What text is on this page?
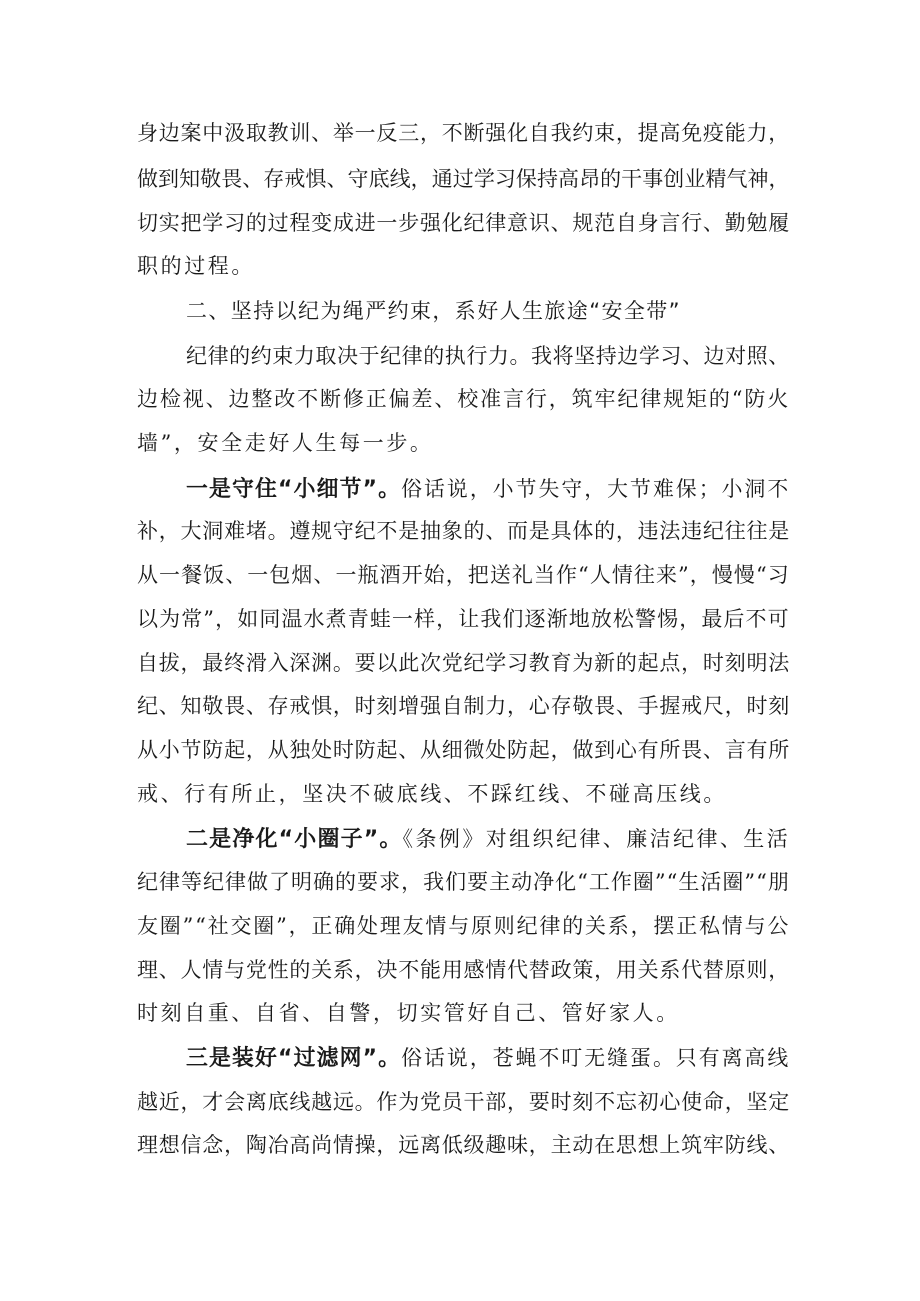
身边案中汲取教训、举一反三，不断强化自我约束，提高免疫能力，
做到知敬畏、存戒惧、守底线，通过学习保持高昂的干事创业精气神，
切实把学习的过程变成进一步强化纪律意识、规范自身言行、勤勉履
职的过程。
二、坚持以纪为绳严约束，系好人生旅途“安全带”
纪律的约束力取决于纪律的执行力。我将坚持边学习、边对照、
边检视、边整改不断修正偏差、校准言行，筑牢纪律规矩的“防火
墙”，安全走好人生每一步。
一是守住“小细节”。俗话说，小节失守，大节难保；小洞不
补，大洞难堵。遵规守纪不是抽象的、而是具体的，违法违纪往往是
从一餐饭、一包烟、一瓶酒开始，把送礼当作“人情往来”，慢慢“习
以为常”，如同温水煮青蛙一样，让我们逐渐地放松警惕，最后不可
自拔，最终滑入深渊。要以此次党纪学习教育为新的起点，时刻明法
纪、知敬畏、存戒惧，时刻增强自制力，心存敬畏、手握戒尺，时刻
从小节防起，从独处时防起、从细微处防起，做到心有所畏、言有所
戒、行有所止，坚决不破底线、不踩红线、不碰高压线。
二是净化“小圈子”。《条例》对组织纪律、廉洁纪律、生活
纪律等纪律做了明确的要求，我们要主动净化“工作圈”“生活圈”“朋
友圈”“社交圈”，正确处理友情与原则纪律的关系，摆正私情与公
理、人情与党性的关系，决不能用感情代替政策，用关系代替原则，
时刻自重、自省、自警，切实管好自己、管好家人。
三是装好“过滤网”。俗话说，苍蝇不叮无缝蛋。只有离高线
越近，才会离底线越远。作为党员干部，要时刻不忘初心使命，坚定
理想信念，陶冶高尚情操，远离低级趣味，主动在思想上筑牢防线、
